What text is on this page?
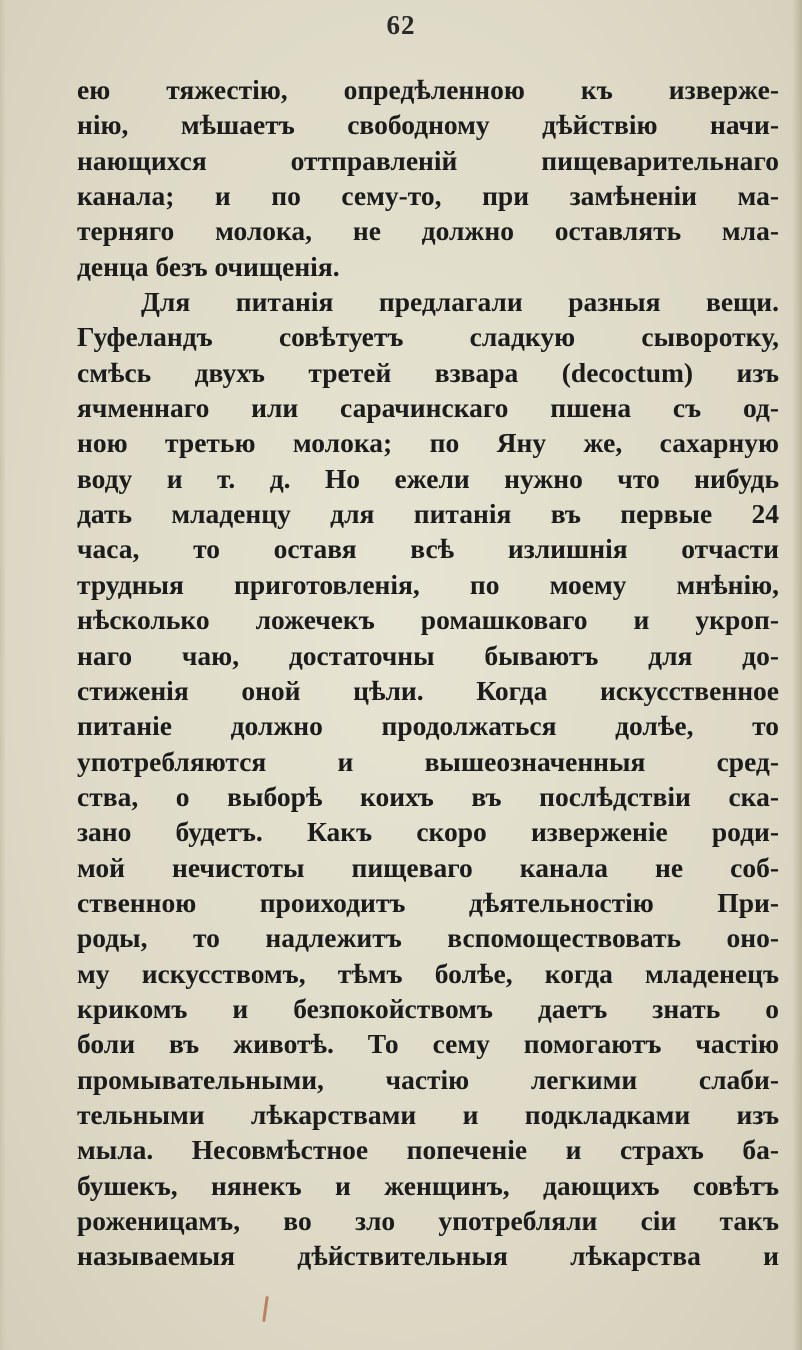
62
ею тяжестію, опредѣленною къ изверже-
нію, мѣшаетъ свободному дѣйствію начи-
нающихся оттправленій пищеварительнаго
канала; и по сему-то, при замѣненіи ма-
терняго молока, не должно оставлять мла-
денца безъ очищенія.
Для питанія предлагали разныя вещи.
Гуфеландъ совѣтуетъ сладкую сыворотку,
смѣсь двухъ третей взвара (decoctum) изъ
ячменнаго или сарачинскаго пшена съ од-
ною третью молока; по Яну же, сахарную
воду и т. д. Но ежели нужно что нибудь
дать младенцу для питанія въ первые 24
часа, то оставя всѣ излишнія отчасти
трудныя приготовленія, по моему мнѣнію,
нѣсколько ложечекъ ромашковаго и укроп-
наго чаю, достаточны бываютъ для до-
стиженія оной цѣли. Когда искусственное
питаніе должно продолжаться долѣе, то
употребляются и вышеозначенныя сред-
ства, о выборѣ коихъ въ послѣдствіи ска-
зано будетъ. Какъ скоро изверженіе роди-
мой нечистоты пищеваго канала не соб-
ственною проиходитъ дѣятельностію При-
роды, то надлежитъ вспомоществовать оно-
му искусствомъ, тѣмъ болѣе, когда младенецъ
крикомъ и безпокойствомъ даетъ знать о
боли въ животѣ. То сему помогаютъ частію
промывательными, частію легкими слаби-
тельными лѣкарствами и подкладками изъ
мыла. Несовмѣстное попеченіе и страхъ ба-
бушекъ, нянекъ и женщинъ, дающихъ совѣтъ
роженицамъ, во зло употребляли сіи такъ
называемыя дѣйствительныя лѣкарства и
